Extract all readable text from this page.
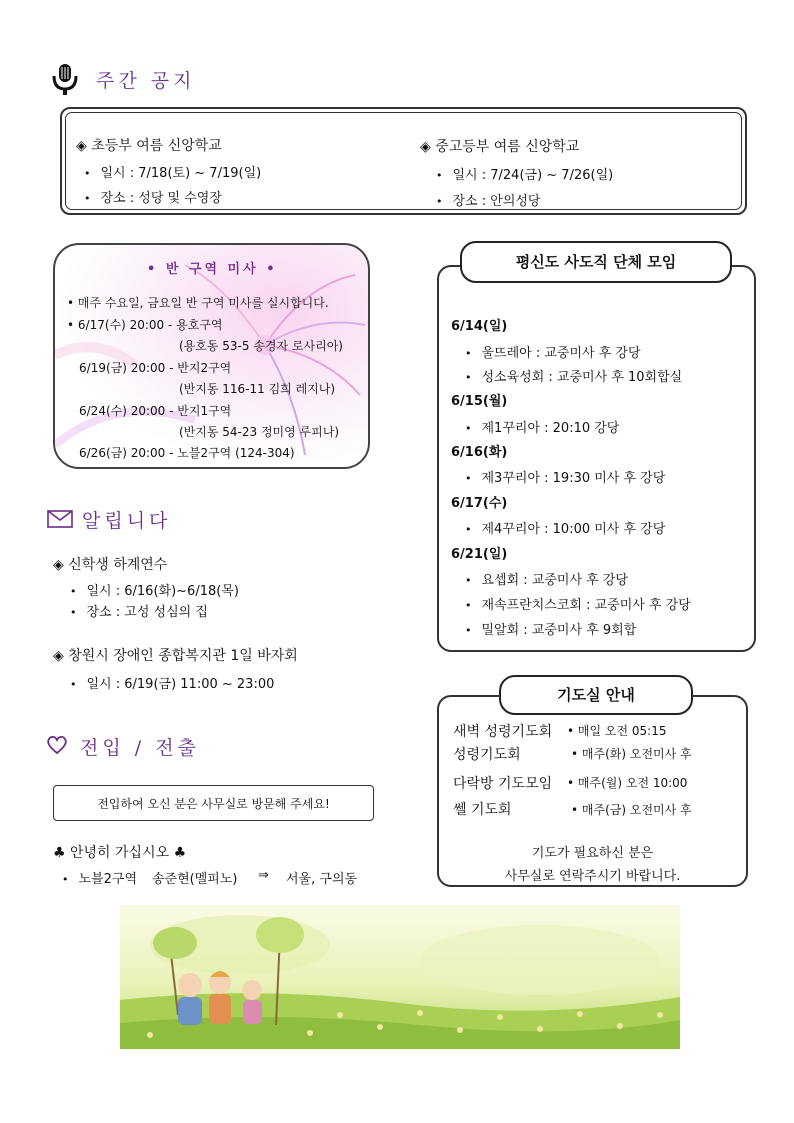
주간 공지
◈ 초등부 여름 신앙학교
• 일시 : 7/18(토) ~ 7/19(일)
• 장소 : 성당 및 수영장
◈ 중고등부 여름 신앙학교
• 일시 : 7/24(금) ~ 7/26(일)
• 장소 : 안의성당
• 반 구역 미사 •
• 매주 수요일, 금요일 반 구역 미사를 실시합니다.
• 6/17(수) 20:00 - 용호구역
(용호동 53-5 송경자 로사리아)
6/19(금) 20:00 - 반지2구역
(반지동 116-11 김희 레지나)
6/24(수) 20:00 - 반지1구역
(반지동 54-23 정미영 루피나)
6/26(금) 20:00 - 노블2구역 (124-304)
6/14(일)
• 울뜨레아 : 교중미사 후 강당
• 성소육성회 : 교중미사 후 10회합실
6/15(월)
• 제1꾸리아 : 20:10 강당
6/16(화)
• 제3꾸리아 : 19:30 미사 후 강당
6/17(수)
• 제4꾸리아 : 10:00 미사 후 강당
6/21(일)
• 요셉회 : 교중미사 후 강당
• 재속프란치스코회 : 교중미사 후 강당
• 밀알회 : 교중미사 후 9회합
평신도 사도직 단체 모임
알립니다
◈ 신학생 하계연수
• 일시 : 6/16(화)~6/18(목)
• 장소 : 고성 성심의 집
◈ 창원시 장애인 종합복지관 1일 바자회
• 일시 : 6/19(금) 11:00 ~ 23:00
새벽 성령기도회 • 매일 오전 05:15
성령기도회	• 매주(화) 오전미사 후
다락방 기도모임 • 매주(월) 오전 10:00
쎌 기도회	• 매주(금) 오전미사 후
기도가 필요하신 분은
사무실로 연락주시기 바랍니다.
기도실 안내
전입 / 전출
전입하여 오신 분은 사무실로 방문해 주세요!
♣ 안녕히 가십시오 ♣
• 노블2구역 송준현(멜피노) ⇒ 서울, 구의동
